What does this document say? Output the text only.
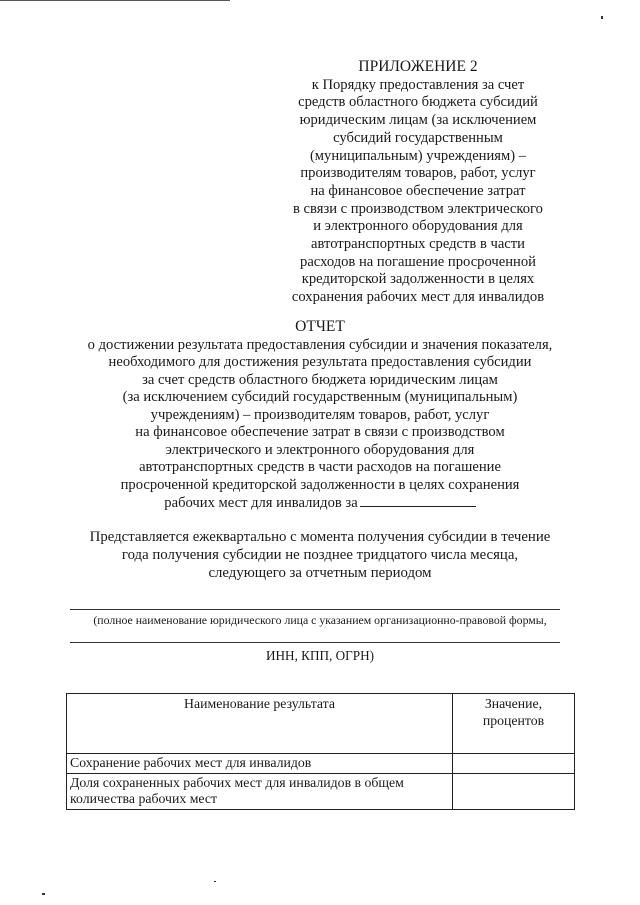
ПРИЛОЖЕНИЕ 2
к Порядку предоставления за счет
средств областного бюджета субсидий
юридическим лицам (за исключением
субсидий государственным
(муниципальным) учреждениям) –
производителям товаров, работ, услуг
на финансовое обеспечение затрат
в связи с производством электрического
и электронного оборудования для
автотранспортных средств в части
расходов на погашение просроченной
кредиторской задолженности в целях
сохранения рабочих мест для инвалидов
ОТЧЕТ
о достижении результата предоставления субсидии и значения показателя,
необходимого для достижения результата предоставления субсидии
за счет средств областного бюджета юридическим лицам
(за исключением субсидий государственным (муниципальным)
учреждениям) – производителям товаров, работ, услуг
на финансовое обеспечение затрат в связи с производством
электрического и электронного оборудования для
автотранспортных средств в части расходов на погашение
просроченной кредиторской задолженности в целях сохранения
рабочих мест для инвалидов за
Представляется ежеквартально с момента получения субсидии в течение
года получения субсидии не позднее тридцатого числа месяца,
следующего за отчетным периодом
(полное наименование юридического лица с указанием организационно-правовой формы,
ИНН, КПП, ОГРН)
Наименование результата	Значение,
процентов

Сохранение рабочих мест для инвалидов	

Доля сохраненных рабочих мест для инвалидов в общем
количества рабочих мест	
